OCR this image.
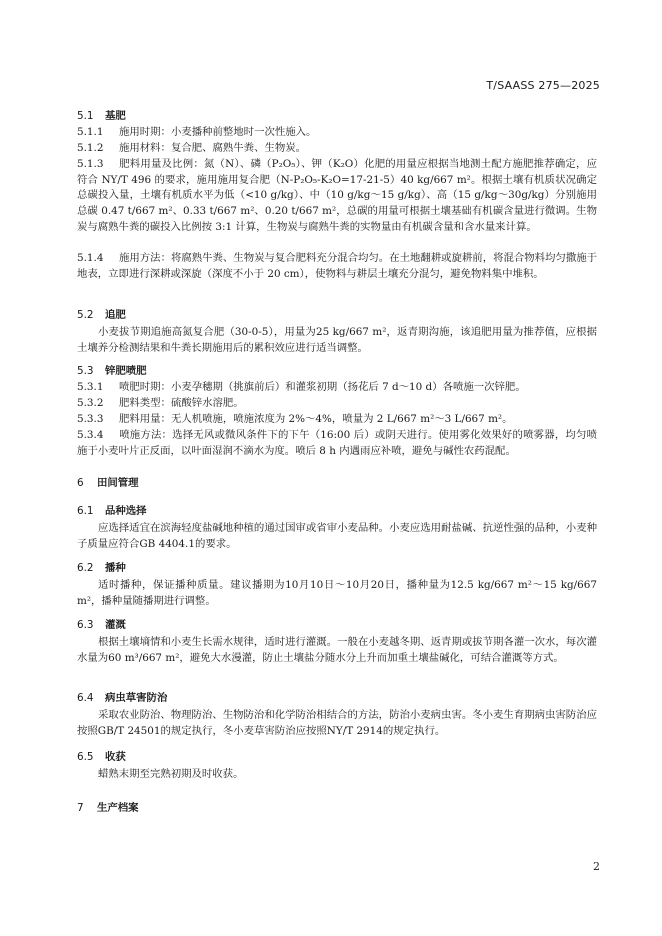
T/SAASS 275—2025
5.1 基肥
5.1.1 施用时期：小麦播种前整地时一次性施入。
5.1.2 施用材料：复合肥、腐熟牛粪、生物炭。
5.1.3 肥料用量及比例：氮（N）、磷（P₂O₅）、钾（K₂O）化肥的用量应根据当地测土配方施肥推荐确定，应符合 NY/T 496 的要求，施用施用复合肥（N-P₂O₅-K₂O=17-21-5）40 kg/667 m²。根据土壤有机质状况确定总碳投入量，土壤有机质水平为低（<10 g/kg）、中（10 g/kg～15 g/kg）、高（15 g/kg～30g/kg）分别施用总碳 0.47 t/667 m²、0.33 t/667 m²、0.20 t/667 m²，总碳的用量可根据土壤基础有机碳含量进行微调。生物炭与腐熟牛粪的碳投入比例按 3:1 计算，生物炭与腐熟牛粪的实物量由有机碳含量和含水量来计算。
5.1.4 施用方法：将腐熟牛粪、生物炭与复合肥料充分混合均匀。在土地翻耕或旋耕前，将混合物料均匀撒施于地表，立即进行深耕或深旋（深度不小于 20 cm），使物料与耕层土壤充分混匀，避免物料集中堆积。
5.2 追肥
小麦拔节期追施高氮复合肥（30-0-5），用量为25 kg/667 m²，返青期沟施，该追肥用量为推荐值，应根据土壤养分检测结果和牛粪长期施用后的累积效应进行适当调整。
5.3 锌肥喷肥
5.3.1 喷肥时期：小麦孕穗期（挑旗前后）和灌浆初期（扬花后 7 d～10 d）各喷施一次锌肥。
5.3.2 肥料类型：硫酸锌水溶肥。
5.3.3 肥料用量：无人机喷施，喷施浓度为 2%～4%，喷量为 2 L/667 m²～3 L/667 m²。
5.3.4 喷施方法：选择无风或微风条件下的下午（16:00 后）或阴天进行。使用雾化效果好的喷雾器，均匀喷施于小麦叶片正反面，以叶面湿润不滴水为度。喷后 8 h 内遇雨应补喷，避免与碱性农药混配。
6 田间管理
6.1 品种选择
应选择适宜在滨海轻度盐碱地种植的通过国审或省审小麦品种。小麦应选用耐盐碱、抗逆性强的品种，小麦种子质量应符合GB 4404.1的要求。
6.2 播种
适时播种，保证播种质量。建议播期为10月10日～10月20日，播种量为12.5 kg/667 m²～15 kg/667 m²，播种量随播期进行调整。
6.3 灌溉
根据土壤墒情和小麦生长需水规律，适时进行灌溉。一般在小麦越冬期、返青期或拔节期各灌一次水，每次灌水量为60 m³/667 m²，避免大水漫灌，防止土壤盐分随水分上升而加重土壤盐碱化，可结合灌溉等方式。
6.4 病虫草害防治
采取农业防治、物理防治、生物防治和化学防治相结合的方法，防治小麦病虫害。冬小麦生育期病虫害防治应按照GB/T 24501的规定执行，冬小麦草害防治应按照NY/T 2914的规定执行。
6.5 收获
蜡熟末期至完熟初期及时收获。
7 生产档案
2
